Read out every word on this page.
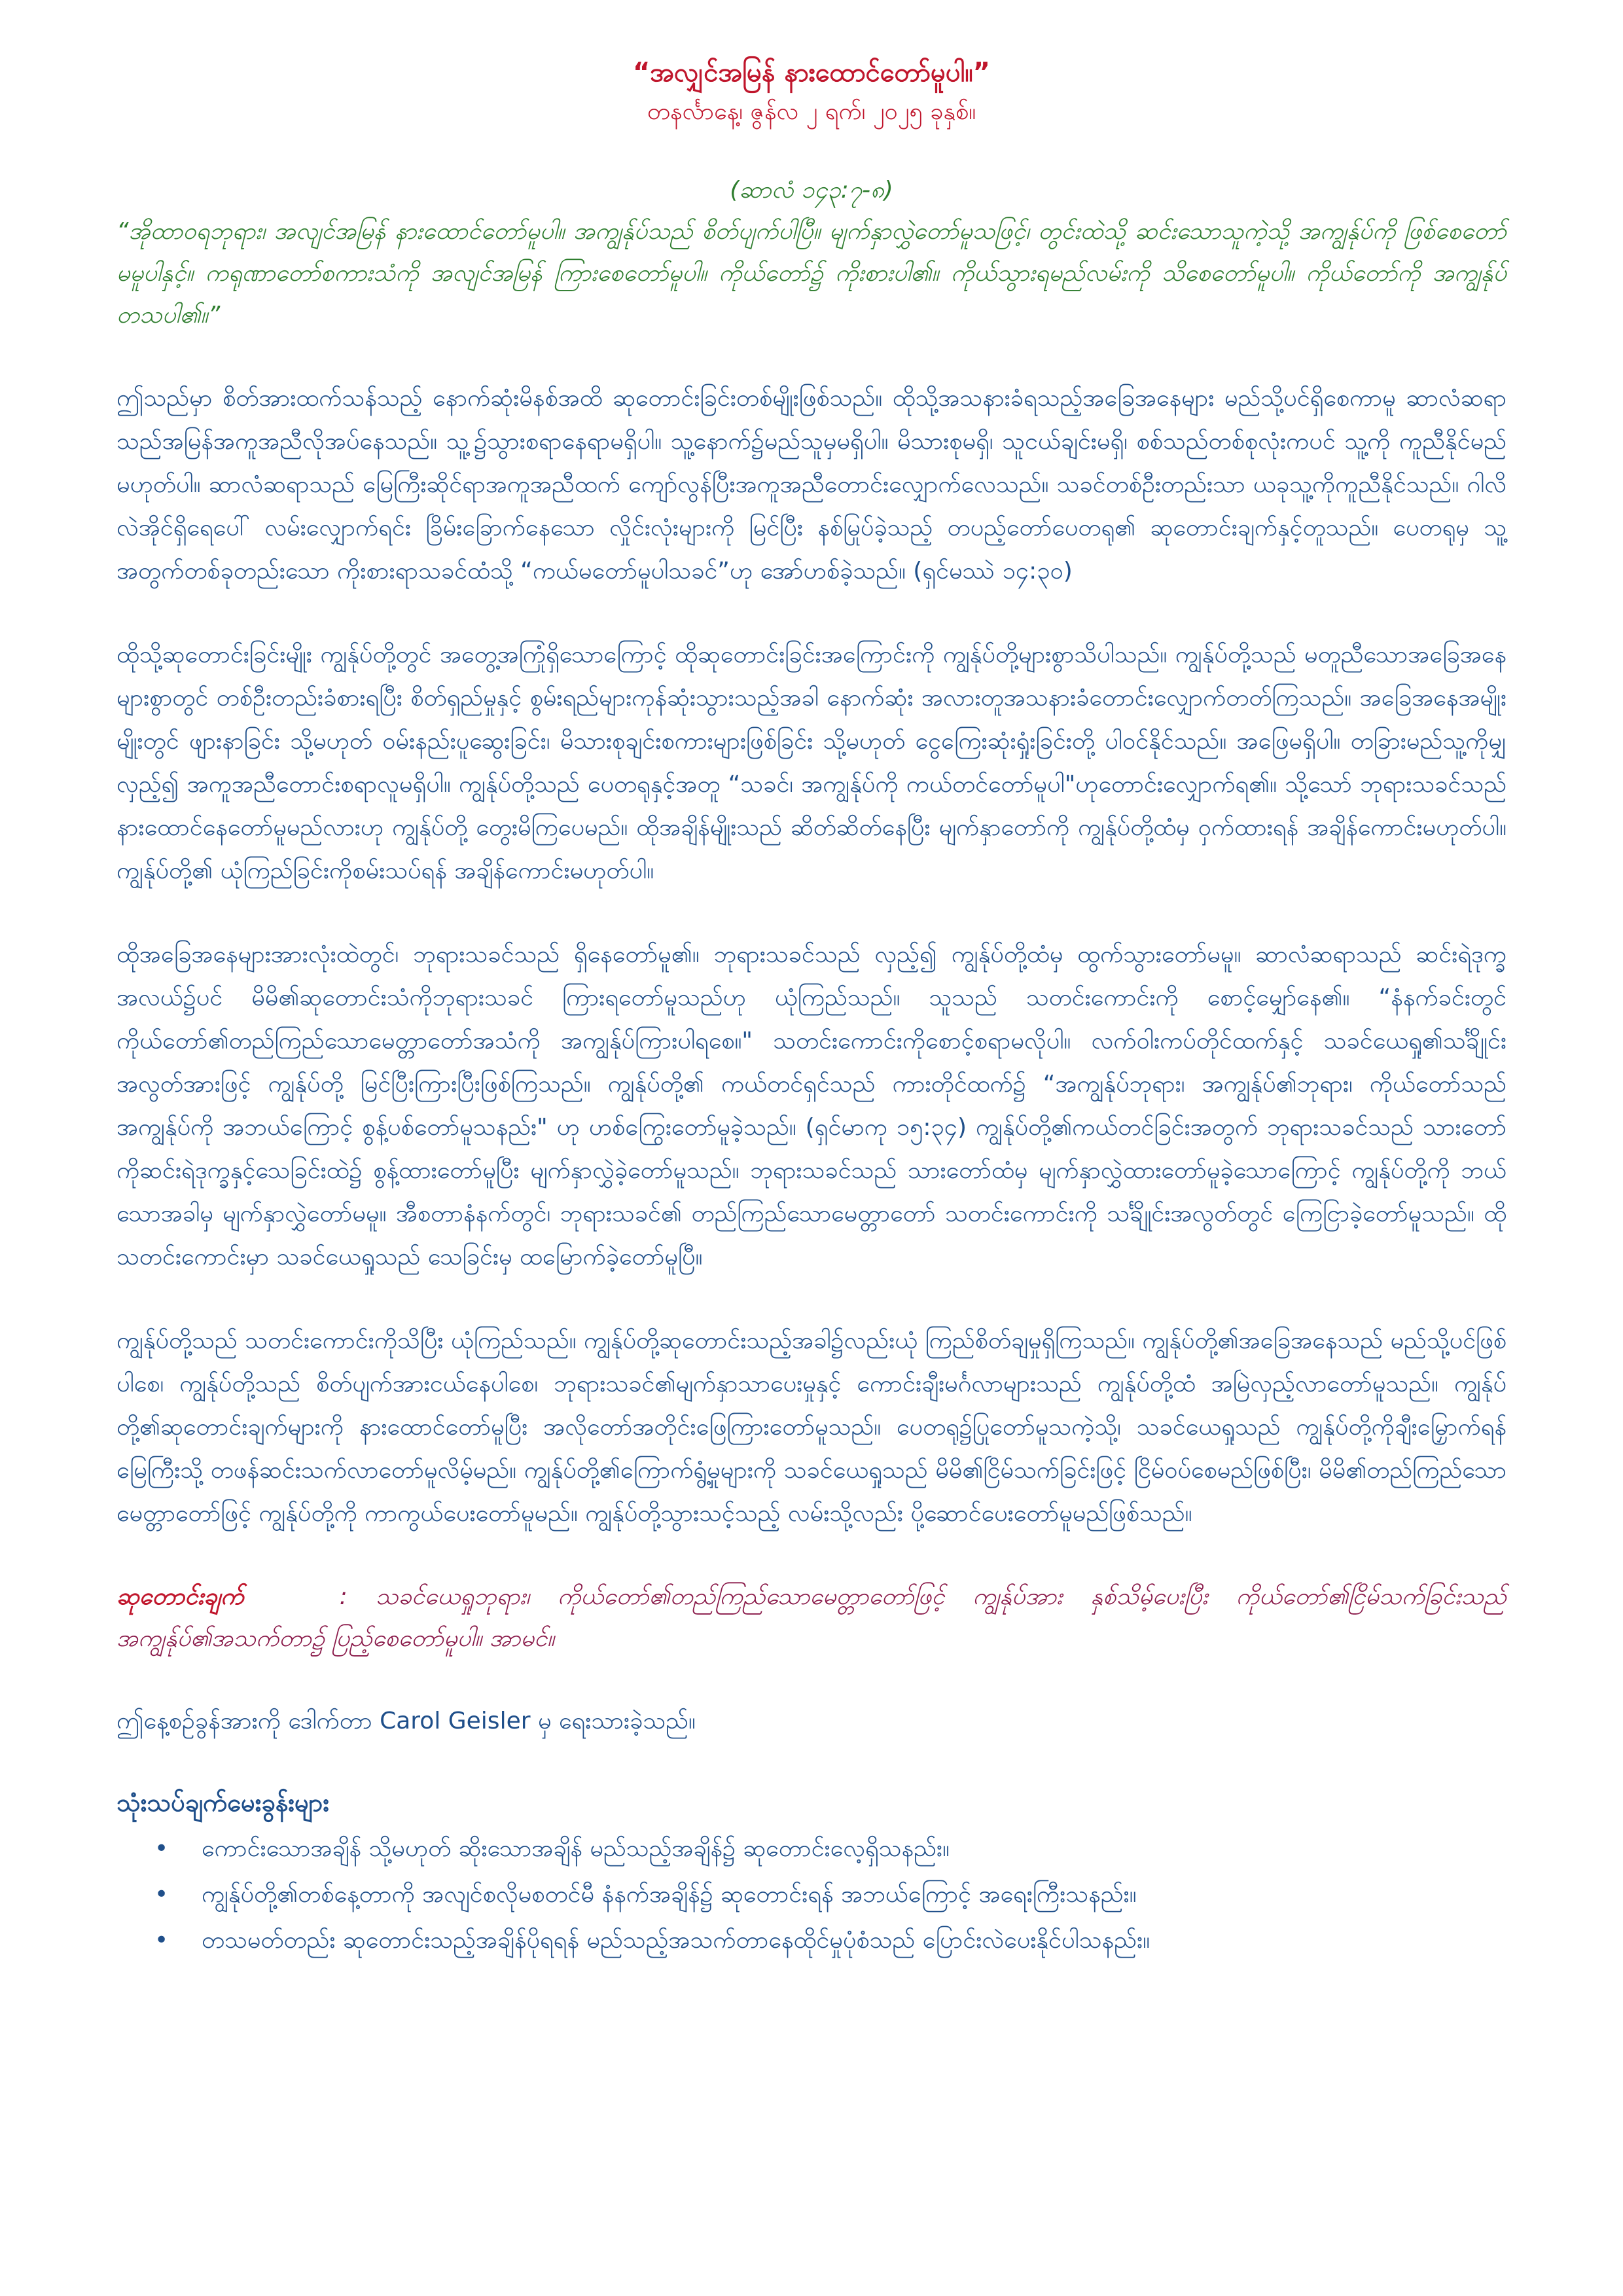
“အလျှင်အမြန် နားထောင်တော်မူပါ။”

တနင်္လာနေ့၊ ဇွန်လ ၂ ရက်၊ ၂၀၂၅ ခုနှစ်။

(ဆာလံ ၁၄၃:၇-၈)

“အိုထာဝရဘုရား၊ အလျင်အမြန် နားထောင်တော်မူပါ။ အကျွန်ုပ်သည် စိတ်ပျက်ပါပြီ။ မျက်နှာလွှဲတော်မူသဖြင့်၊ တွင်းထဲသို့ ဆင်းသောသူကဲ့သို့ အကျွန်ုပ်ကို ဖြစ်စေတော်မမူပါနှင့်။ ကရုဏာတော်စကားသံကို အလျင်အမြန် ကြားစေတော်မူပါ။ ကိုယ်တော်၌ ကိုးစားပါ၏။ ကိုယ်သွားရမည်လမ်းကို သိစေတော်မူပါ။ ကိုယ်တော်ကို အကျွန်ုပ်တသပါ၏။”

ဤသည်မှာ စိတ်အားထက်သန်သည့် နောက်ဆုံးမိနစ်အထိ ဆုတောင်းခြင်းတစ်မျိုးဖြစ်သည်။ ထိုသို့အသနားခံရသည့်အခြေအနေများ မည်သို့ပင်ရှိစေကာမူ ဆာလံဆရာသည်အမြန်အကူအညီလိုအပ်နေသည်။ သူ့၌သွားစရာနေရာမရှိပါ။ သူ့နောက်၌မည်သူမှမရှိပါ။ မိသားစုမရှိ၊ သူငယ်ချင်းမရှိ၊ စစ်သည်တစ်စုလုံးကပင် သူ့ကို ကူညီနိုင်မည်မဟုတ်ပါ။ ဆာလံဆရာသည် မြေကြီးဆိုင်ရာအကူအညီထက် ကျော်လွန်ပြီးအကူအညီတောင်းလျှောက်လေသည်။ သခင်တစ်ဦးတည်းသာ ယခုသူ့ကိုကူညီနိုင်သည်။ ဂါလိလဲအိုင်ရှိရေပေါ် လမ်းလျှောက်ရင်း ခြိမ်းခြောက်နေသော လှိုင်းလုံးများကို မြင်ပြီး နစ်မြုပ်ခဲ့သည့် တပည့်တော်ပေတရု၏ ဆုတောင်းချက်နှင့်တူသည်။ ပေတရုမှ သူ့အတွက်တစ်ခုတည်းသော ကိုးစားရာသခင်ထံသို့ “ကယ်မတော်မူပါသခင်”ဟု အော်ဟစ်ခဲ့သည်။ (ရှင်မဿဲ ၁၄:၃၀)

ထိုသို့ဆုတောင်းခြင်းမျိုး ကျွန်ုပ်တို့တွင် အတွေ့အကြုံရှိသောကြောင့် ထိုဆုတောင်းခြင်းအကြောင်းကို ကျွန်ုပ်တို့များစွာသိပါသည်။ ကျွန်ုပ်တို့သည် မတူညီသောအခြေအနေများစွာတွင် တစ်ဦးတည်းခံစားရပြီး စိတ်ရှည်မှုနှင့် စွမ်းရည်များကုန်ဆုံးသွားသည့်အခါ နောက်ဆုံး အလားတူအသနားခံတောင်းလျှောက်တတ်ကြသည်။ အခြေအနေအမျိုးမျိုးတွင် ဖျားနာခြင်း သို့မဟုတ် ဝမ်းနည်းပူဆွေးခြင်း၊ မိသားစုချင်းစကားများဖြစ်ခြင်း သို့မဟုတ် ငွေကြေးဆုံးရှုံးခြင်းတို့ ပါဝင်နိုင်သည်။ အဖြေမရှိပါ။ တခြားမည်သူ့ကိုမျှ လှည့်၍ အကူအညီတောင်းစရာလူမရှိပါ။ ကျွန်ုပ်တို့သည် ပေတရုနှင့်အတူ “သခင်၊ အကျွန်ုပ်ကို ကယ်တင်တော်မူပါ"ဟုတောင်းလျှောက်ရ၏။ သို့သော် ဘုရားသခင်သည် နားထောင်နေတော်မူမည်လားဟု ကျွန်ုပ်တို့ တွေးမိကြပေမည်။ ထိုအချိန်မျိုးသည် ဆိတ်ဆိတ်နေပြီး မျက်နှာတော်ကို ကျွန်ုပ်တို့ထံမှ ဝှက်ထားရန် အချိန်ကောင်းမဟုတ်ပါ။ ကျွန်ုပ်တို့၏ ယုံကြည်ခြင်းကိုစမ်းသပ်ရန် အချိန်ကောင်းမဟုတ်ပါ။

ထိုအခြေအနေများအားလုံးထဲတွင်၊ ဘုရားသခင်သည် ရှိနေတော်မူ၏။ ဘုရားသခင်သည် လှည့်၍ ကျွန်ုပ်တို့ထံမှ ထွက်သွားတော်မမူ။ ဆာလံဆရာသည် ဆင်းရဲဒုက္ခအလယ်၌ပင် မိမိ၏ဆုတောင်းသံကိုဘုရားသခင် ကြားရတော်မူသည်ဟု ယုံကြည်သည်။ သူသည် သတင်းကောင်းကို စောင့်မျှော်နေ၏။ “နံနက်ခင်းတွင် ကိုယ်တော်၏တည်ကြည်သောမေတ္တာတော်အသံကို အကျွန်ုပ်ကြားပါရစေ။" သတင်းကောင်းကိုစောင့်စရာမလိုပါ။ လက်ဝါးကပ်တိုင်ထက်နှင့် သခင်ယေရှု၏သင်္ချိုင်းအလွတ်အားဖြင့် ကျွန်ုပ်တို့ မြင်ပြီးကြားပြီးဖြစ်ကြသည်။ ကျွန်ုပ်တို့၏ ကယ်တင်ရှင်သည် ကားတိုင်ထက်၌ “အကျွန်ုပ်ဘုရား၊ အကျွန်ုပ်၏ဘုရား၊ ကိုယ်တော်သည် အကျွန်ုပ်ကို အဘယ်ကြောင့် စွန့်ပစ်တော်မူသနည်း" ဟု ဟစ်ကြွေးတော်မူခဲ့သည်။ (ရှင်မာကု ၁၅:၃၄) ကျွန်ုပ်တို့၏ကယ်တင်ခြင်းအတွက် ဘုရားသခင်သည် သားတော်ကိုဆင်းရဲဒုက္ခနှင့်သေခြင်းထဲ၌ စွန့်ထားတော်မူပြီး မျက်နှာလွှဲခဲ့တော်မူသည်။ ဘုရားသခင်သည် သားတော်ထံမှ မျက်နှာလွှဲထားတော်မူခဲ့သောကြောင့် ကျွန်ုပ်တို့ကို ဘယ်သောအခါမှ မျက်နှာလွှဲတော်မမူ။ အီစတာနံနက်တွင်၊ ဘုရားသခင်၏ တည်ကြည်သောမေတ္တာတော် သတင်းကောင်းကို သင်္ချိုင်းအလွတ်တွင် ကြေငြာခဲ့တော်မူသည်။ ထိုသတင်းကောင်းမှာ သခင်ယေရှုသည် သေခြင်းမှ ထမြောက်ခဲ့တော်မူပြီ။

ကျွန်ုပ်တို့သည် သတင်းကောင်းကိုသိပြီး ယုံကြည်သည်။ ကျွန်ုပ်တို့ဆုတောင်းသည့်အခါ၌လည်းယုံ ကြည်စိတ်ချမှုရှိကြသည်။ ကျွန်ုပ်တို့၏အခြေအနေသည် မည်သို့ပင်ဖြစ်ပါစေ၊ ကျွန်ုပ်တို့သည် စိတ်ပျက်အားငယ်နေပါစေ၊ ဘုရားသခင်၏မျက်နှာသာပေးမှုနှင့် ကောင်းချီးမင်္ဂလာများသည် ကျွန်ုပ်တို့ထံ အမြဲလှည့်လာတော်မူသည်။ ကျွန်ုပ်တို့၏ဆုတောင်းချက်များကို နားထောင်တော်မူပြီး အလိုတော်အတိုင်းဖြေကြားတော်မူသည်။ ပေတရု၌ပြုတော်မူသကဲ့သို့၊ သခင်ယေရှုသည် ကျွန်ုပ်တို့ကိုချီးမြှောက်ရန် မြေကြီးသို့ တဖန်ဆင်းသက်လာတော်မူလိမ့်မည်။ ကျွန်ုပ်တို့၏ကြောက်ရွံ့မှုများကို သခင်ယေရှုသည် မိမိ၏ငြိမ်သက်ခြင်းဖြင့် ငြိမ်ဝပ်စေမည်ဖြစ်ပြီး၊ မိမိ၏တည်ကြည်သောမေတ္တာတော်ဖြင့် ကျွန်ုပ်တို့ကို ကာကွယ်ပေးတော်မူမည်။ ကျွန်ုပ်တို့သွားသင့်သည့် လမ်းသို့လည်း ပို့ဆောင်ပေးတော်မူမည်ဖြစ်သည်။

ဆုတောင်းချက်	: သခင်ယေရှုဘုရား၊ ကိုယ်တော်၏တည်ကြည်သောမေတ္တာတော်ဖြင့် ကျွန်ုပ်အား နှစ်သိမ့်ပေးပြီး ကိုယ်တော်၏ငြိမ်သက်ခြင်းသည် အကျွန်ုပ်၏အသက်တာ၌ ပြည့်စေတော်မူပါ။ အာမင်။

ဤနေ့စဉ်ခွန်အားကို ဒေါက်တာ Carol Geisler မှ ရေးသားခဲ့သည်။

သုံးသပ်ချက်မေးခွန်းများ

• ကောင်းသောအချိန် သို့မဟုတ် ဆိုးသောအချိန် မည်သည့်အချိန်၌ ဆုတောင်းလေ့ရှိသနည်း။
• ကျွန်ုပ်တို့၏တစ်နေ့တာကို အလျင်စလိုမစတင်မီ နံနက်အချိန်၌ ဆုတောင်းရန် အဘယ်ကြောင့် အရေးကြီးသနည်း။
• တသမတ်တည်း ဆုတောင်းသည့်အချိန်ပိုရရန် မည်သည့်အသက်တာနေထိုင်မှုပုံစံသည် ပြောင်းလဲပေးနိုင်ပါသနည်း။
